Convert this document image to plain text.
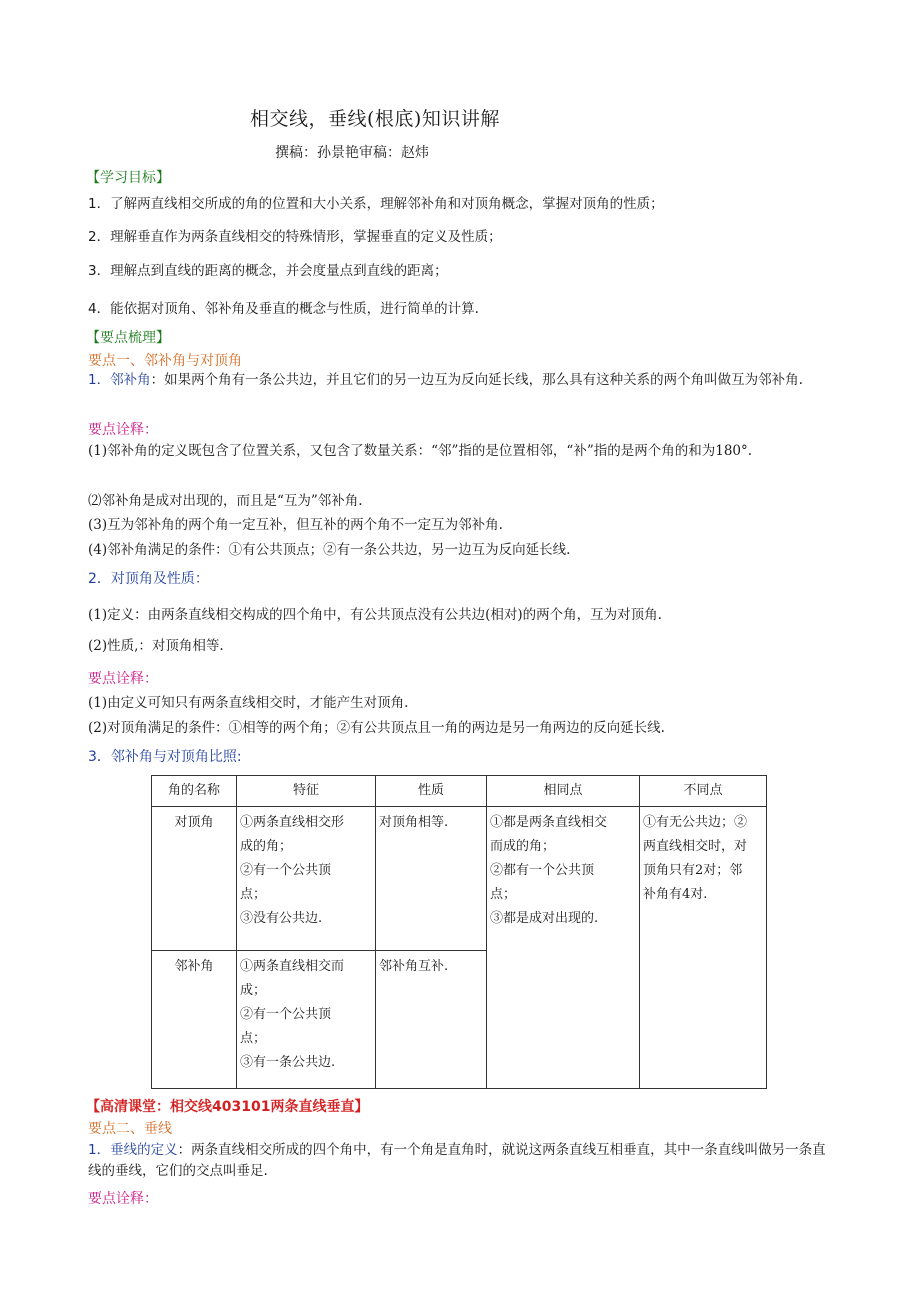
相交线，垂线(根底)知识讲解
撰稿：孙景艳审稿：赵炜
【学习目标】
1．了解两直线相交所成的角的位置和大小关系，理解邻补角和对顶角概念，掌握对顶角的性质；
2．理解垂直作为两条直线相交的特殊情形，掌握垂直的定义及性质；
3．理解点到直线的距离的概念，并会度量点到直线的距离；
4．能依据对顶角、邻补角及垂直的概念与性质，进行简单的计算.
【要点梳理】
要点一、邻补角与对顶角
1．邻补角：如果两个角有一条公共边，并且它们的另一边互为反向延长线，那么具有这种关系的两个角叫做互为邻补角.
要点诠释：
(1)邻补角的定义既包含了位置关系，又包含了数量关系：“邻”指的是位置相邻，“补”指的是两个角的和为180°.
⑵邻补角是成对出现的，而且是“互为”邻补角.
(3)互为邻补角的两个角一定互补，但互补的两个角不一定互为邻补角.
(4)邻补角满足的条件：①有公共顶点；②有一条公共边，另一边互为反向延长线.
2．对顶角及性质：
(1)定义：由两条直线相交构成的四个角中，有公共顶点没有公共边(相对)的两个角，互为对顶角.
(2)性质,：对顶角相等.
要点诠释：
(1)由定义可知只有两条直线相交时，才能产生对顶角.
(2)对顶角满足的条件：①相等的两个角；②有公共顶点且一角的两边是另一角两边的反向延长线.
3．邻补角与对顶角比照:
角的名称	特征	性质	相同点	不同点
对顶角	①两条直线相交形
成的角；
②有一个公共顶
点；
③没有公共边.	对顶角相等.	①都是两条直线相交
而成的角；
②都有一个公共顶
点；
③都是成对出现的.	①有无公共边；②
两直线相交时，对
顶角只有2对；邻
补角有4对.

邻补角	①两条直线相交而
成；
②有一个公共顶
点；
③有一条公共边.	邻补角互补.		
【高清课堂：相交线403101两条直线垂直】
要点二、垂线
1．垂线的定义：两条直线相交所成的四个角中，有一个角是直角时，就说这两条直线互相垂直，其中一条直线叫做另一条直线的垂线，它们的交点叫垂足.
要点诠释：
